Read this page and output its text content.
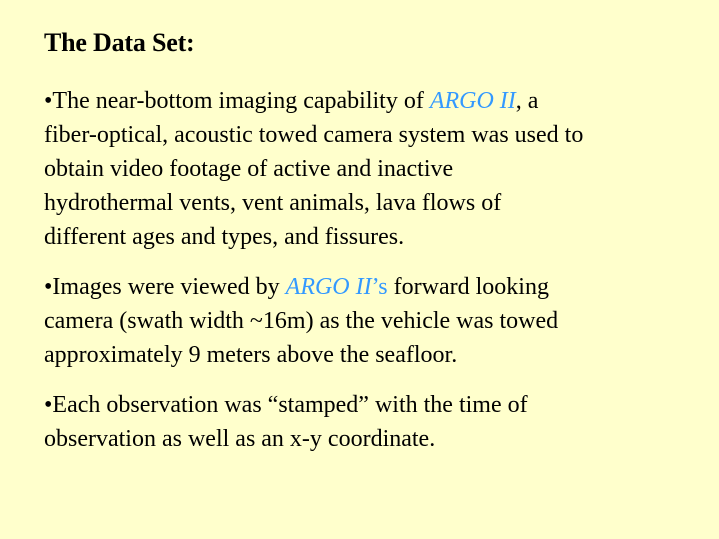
The Data Set:
•The near-bottom imaging capability of ARGO II, a
fiber-optical, acoustic towed camera system was used to
obtain video footage of active and inactive
hydrothermal vents, vent animals, lava flows of
different ages and types, and fissures.
•Images were viewed by ARGO II’s forward looking
camera (swath width ~16m) as the vehicle was towed
approximately 9 meters above the seafloor.
•Each observation was “stamped” with the time of
observation as well as an x-y coordinate.
